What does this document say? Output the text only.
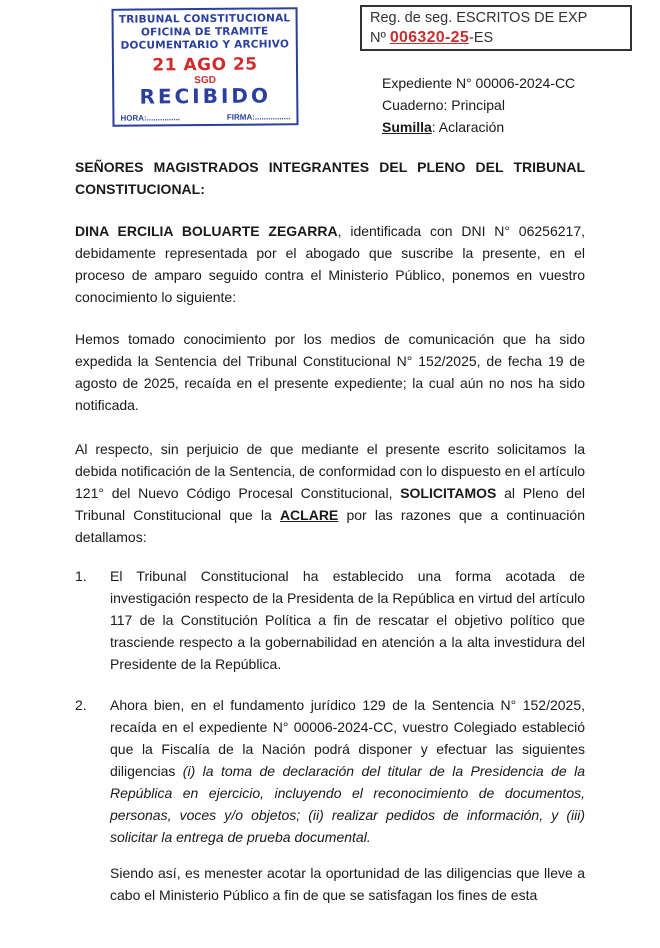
TRIBUNAL CONSTITUCIONAL
OFICINA DE TRAMITE
DOCUMENTARIO Y ARCHIVO
21 AGO 25
SGD
RECIBIDO
HORA:...............	FIRMA:................
Reg. de seg. ESCRITOS DE EXP
Nº 006320-25-ES
Expediente N° 00006-2024-CC
Cuaderno: Principal
Sumilla: Aclaración
SEÑORES MAGISTRADOS INTEGRANTES DEL PLENO DEL TRIBUNAL CONSTITUCIONAL:
DINA ERCILIA BOLUARTE ZEGARRA, identificada con DNI N° 06256217, debidamente representada por el abogado que suscribe la presente, en el proceso de amparo seguido contra el Ministerio Público, ponemos en vuestro conocimiento lo siguiente:
Hemos tomado conocimiento por los medios de comunicación que ha sido expedida la Sentencia del Tribunal Constitucional N° 152/2025, de fecha 19 de agosto de 2025, recaída en el presente expediente; la cual aún no nos ha sido notificada.
Al respecto, sin perjuicio de que mediante el presente escrito solicitamos la debida notificación de la Sentencia, de conformidad con lo dispuesto en el artículo 121° del Nuevo Código Procesal Constitucional, SOLICITAMOS al Pleno del Tribunal Constitucional que la ACLARE por las razones que a continuación detallamos:
1. El Tribunal Constitucional ha establecido una forma acotada de investigación respecto de la Presidenta de la República en virtud del artículo 117 de la Constitución Política a fin de rescatar el objetivo político que trasciende respecto a la gobernabilidad en atención a la alta investidura del Presidente de la República.
2. Ahora bien, en el fundamento jurídico 129 de la Sentencia N° 152/2025, recaída en el expediente N° 00006-2024-CC, vuestro Colegiado estableció que la Fiscalía de la Nación podrá disponer y efectuar las siguientes diligencias (i) la toma de declaración del titular de la Presidencia de la República en ejercicio, incluyendo el reconocimiento de documentos, personas, voces y/o objetos; (ii) realizar pedidos de información, y (iii) solicitar la entrega de prueba documental.
Siendo así, es menester acotar la oportunidad de las diligencias que lleve a cabo el Ministerio Público a fin de que se satisfagan los fines de esta
